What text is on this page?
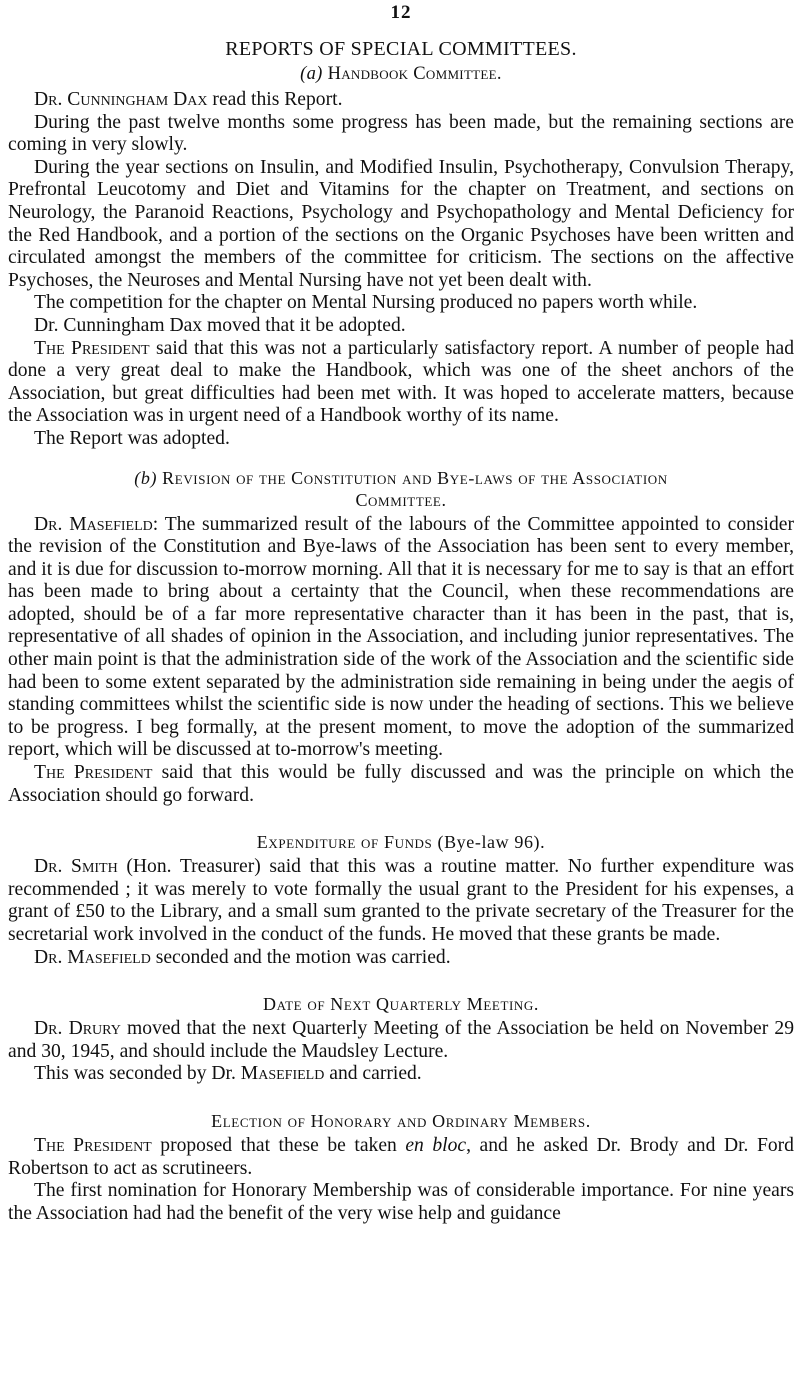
12
REPORTS OF SPECIAL COMMITTEES.
(a) Handbook Committee.

Dr. Cunningham Dax read this Report.

During the past twelve months some progress has been made, but the remaining sections are coming in very slowly.

During the year sections on Insulin, and Modified Insulin, Psychotherapy, Convulsion Therapy, Prefrontal Leucotomy and Diet and Vitamins for the chapter on Treatment, and sections on Neurology, the Paranoid Reactions, Psychology and Psychopathology and Mental Deficiency for the Red Handbook, and a portion of the sections on the Organic Psychoses have been written and circulated amongst the members of the committee for criticism. The sections on the affective Psychoses, the Neuroses and Mental Nursing have not yet been dealt with.

The competition for the chapter on Mental Nursing produced no papers worth while.

Dr. Cunningham Dax moved that it be adopted.

The President said that this was not a particularly satisfactory report. A number of people had done a very great deal to make the Handbook, which was one of the sheet anchors of the Association, but great difficulties had been met with. It was hoped to accelerate matters, because the Association was in urgent need of a Handbook worthy of its name.

The Report was adopted.

(b) Revision of the Constitution and Bye-laws of the Association
Committee.

Dr. Masefield: The summarized result of the labours of the Committee appointed to consider the revision of the Constitution and Bye-laws of the Association has been sent to every member, and it is due for discussion to-morrow morning. All that it is necessary for me to say is that an effort has been made to bring about a certainty that the Council, when these recommendations are adopted, should be of a far more representative character than it has been in the past, that is, representative of all shades of opinion in the Association, and including junior representatives. The other main point is that the administration side of the work of the Association and the scientific side had been to some extent separated by the administration side remaining in being under the aegis of standing committees whilst the scientific side is now under the heading of sections. This we believe to be progress. I beg formally, at the present moment, to move the adoption of the summarized report, which will be discussed at to-morrow's meeting.

The President said that this would be fully discussed and was the principle on which the Association should go forward.

Expenditure of Funds (Bye-law 96).

Dr. Smith (Hon. Treasurer) said that this was a routine matter. No further expenditure was recommended ; it was merely to vote formally the usual grant to the President for his expenses, a grant of £50 to the Library, and a small sum granted to the private secretary of the Treasurer for the secretarial work involved in the conduct of the funds. He moved that these grants be made.

Dr. Masefield seconded and the motion was carried.

Date of Next Quarterly Meeting.

Dr. Drury moved that the next Quarterly Meeting of the Association be held on November 29 and 30, 1945, and should include the Maudsley Lecture.

This was seconded by Dr. Masefield and carried.

Election of Honorary and Ordinary Members.

The President proposed that these be taken en bloc, and he asked Dr. Brody and Dr. Ford Robertson to act as scrutineers.

The first nomination for Honorary Membership was of considerable importance. For nine years the Association had had the benefit of the very wise help and guidance
